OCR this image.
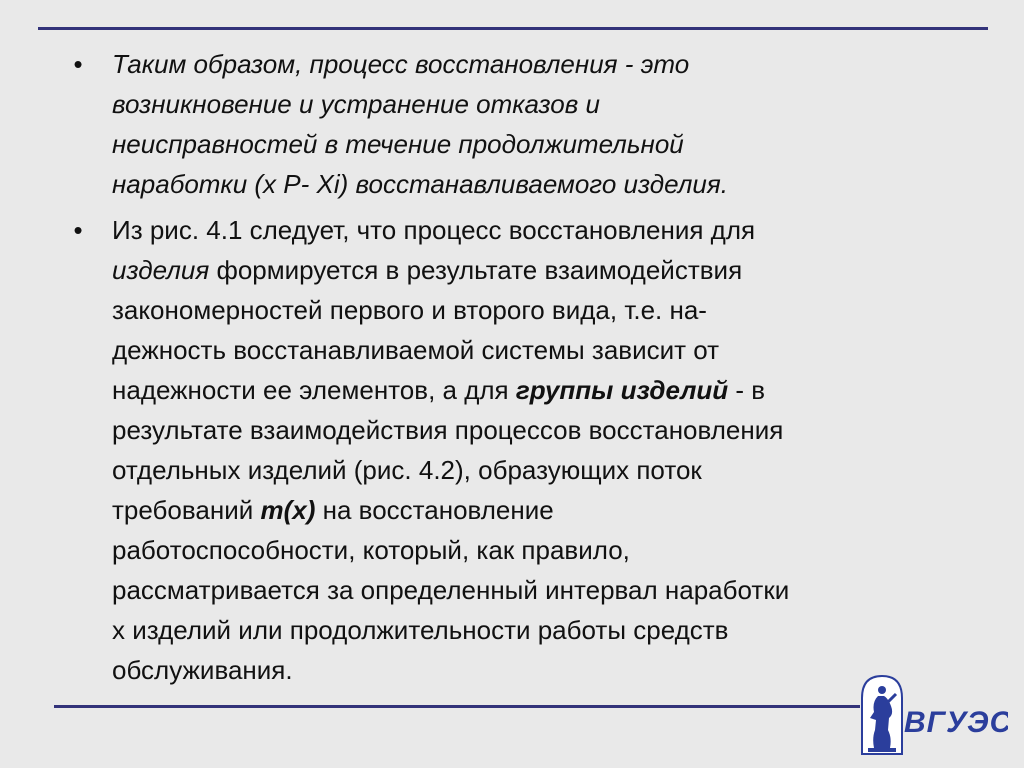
• Таким образом, процесс восстановления - это
возникновение и устранение отказов и
неисправностей в течение продолжительной
наработки (x Р- Xi) восстанавливаемого изделия.
• Из рис. 4.1 следует, что процесс восстановления для
изделия формируется в результате взаимодействия
закономерностей первого и второго вида, т.е. на-
дежность восстанавливаемой системы зависит от
надежности ее элементов, а для группы изделий - в
результате взаимодействия процессов восстановления
отдельных изделий (рис. 4.2), образующих поток
требований m(x) на восстановление
работоспособности, который, как правило,
рассматривается за определенный интервал наработки
x изделий или продолжительности работы средств
обслуживания.
ВГУЭС
